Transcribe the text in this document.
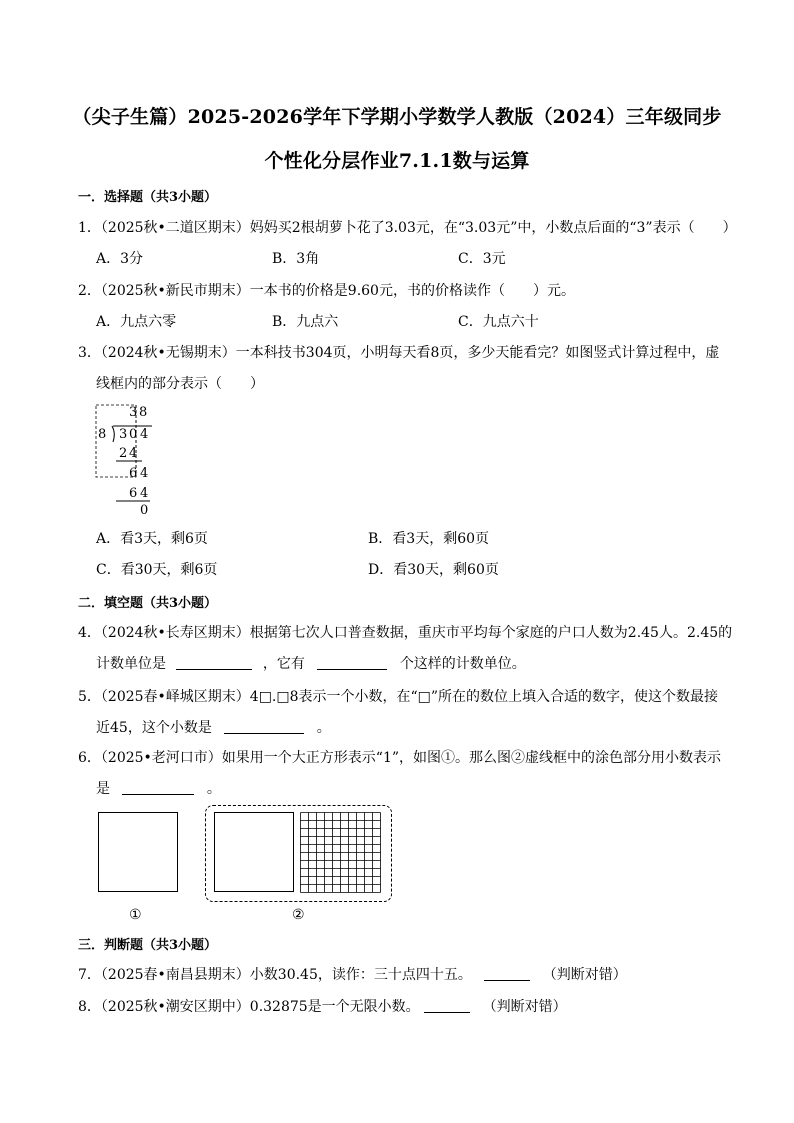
（尖子生篇）2025-2026学年下学期小学数学人教版（2024）三年级同步
个性化分层作业7.1.1数与运算
一．选择题（共3小题）
1．（2025秋•二道区期末）妈妈买2根胡萝卜花了3.03元，在“3.03元”中，小数点后面的“3”表示（　　）
A．3分	B．3角	C．3元
2．（2025秋•新民市期末）一本书的价格是9.60元，书的价格读作（　　）元。
A．九点六零	B．九点六	C．九点六十
3．（2024秋•无锡期末）一本科技书304页，小明每天看8页，多少天能看完？如图竖式计算过程中，虚
线框内的部分表示（　　）
3 8
8 3 0 4
2 4
6 4
6 4
0
A．看3天，剩6页	B．看3天，剩60页
C．看30天，剩6页	D．看30天，剩60页
二．填空题（共3小题）
4．（2024秋•长寿区期末）根据第七次人口普查数据，重庆市平均每个家庭的户口人数为2.45人。2.45的
计数单位是	，它有	个这样的计数单位。
5．（2025春•峄城区期末）4□.□8表示一个小数，在“□”所在的数位上填入合适的数字，使这个数最接
近45，这个小数是	。
6．（2025•老河口市）如果用一个大正方形表示“1”，如图①。那么图②虚线框中的涂色部分用小数表示
是	。
①	②
三．判断题（共3小题）
7．（2025春•南昌县期末）小数30.45，读作：三十点四十五。	（判断对错）
8．（2025秋•潮安区期中）0.32875是一个无限小数。	（判断对错）
